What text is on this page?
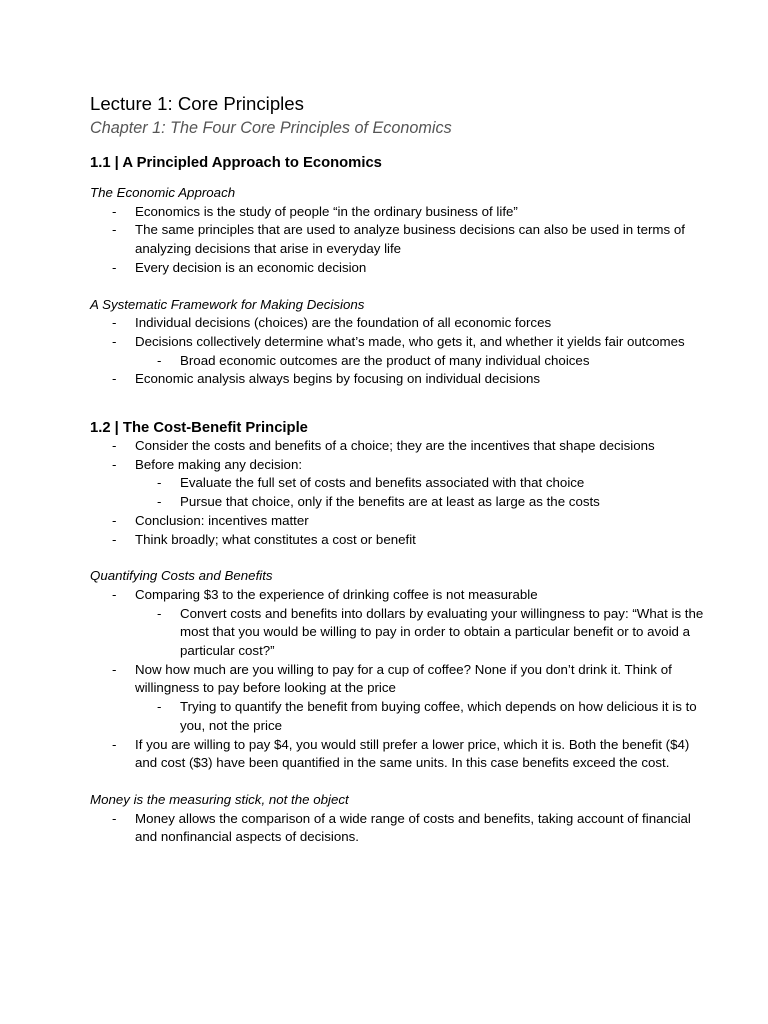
Lecture 1: Core Principles
Chapter 1: The Four Core Principles of Economics
1.1 | A Principled Approach to Economics
The Economic Approach
- Economics is the study of people “in the ordinary business of life”
- The same principles that are used to analyze business decisions can also be used in terms of analyzing decisions that arise in everyday life
- Every decision is an economic decision
A Systematic Framework for Making Decisions
- Individual decisions (choices) are the foundation of all economic forces
- Decisions collectively determine what’s made, who gets it, and whether it yields fair outcomes
- Broad economic outcomes are the product of many individual choices
- Economic analysis always begins by focusing on individual decisions
1.2 | The Cost-Benefit Principle
- Consider the costs and benefits of a choice; they are the incentives that shape decisions
- Before making any decision:
- Evaluate the full set of costs and benefits associated with that choice
- Pursue that choice, only if the benefits are at least as large as the costs
- Conclusion: incentives matter
- Think broadly; what constitutes a cost or benefit
Quantifying Costs and Benefits
- Comparing $3 to the experience of drinking coffee is not measurable
- Convert costs and benefits into dollars by evaluating your willingness to pay: “What is the most that you would be willing to pay in order to obtain a particular benefit or to avoid a particular cost?”
- Now how much are you willing to pay for a cup of coffee? None if you don’t drink it. Think of willingness to pay before looking at the price
- Trying to quantify the benefit from buying coffee, which depends on how delicious it is to you, not the price
- If you are willing to pay $4, you would still prefer a lower price, which it is. Both the benefit ($4) and cost ($3) have been quantified in the same units. In this case benefits exceed the cost.
Money is the measuring stick, not the object
- Money allows the comparison of a wide range of costs and benefits, taking account of financial and nonfinancial aspects of decisions.
